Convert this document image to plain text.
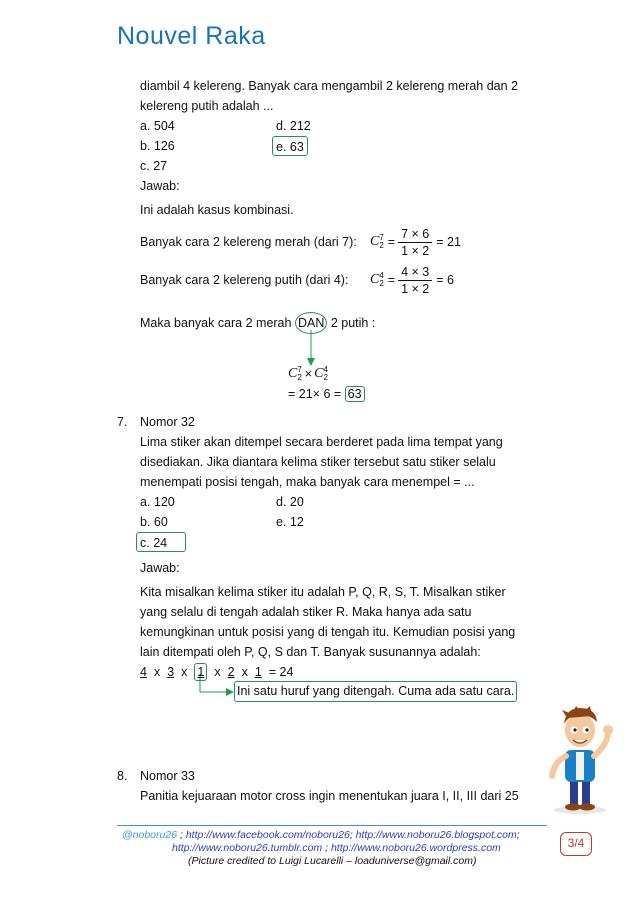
Nouvel Raka
diambil 4 kelereng. Banyak cara mengambil 2 kelereng merah dan 2
kelereng putih adalah ...
a. 504
b. 126
c. 27
d. 212
e. 63
Jawab:
Ini adalah kasus kombinasi.
Banyak cara 2 kelereng merah (dari 7): C 7
$2 = \frac{7 \times 6}{1 \times 2} = 21$
Banyak cara 2 kelereng putih (dari 4): C 4
$2 = \frac{4 \times 3}{1 \times 2} = 6$
Maka banyak cara 2 merah DAN 2 putih :
C 7
2 × C 4
2
= 21× 6 = 63
7. Nomor 32
Lima stiker akan ditempel secara berderet pada lima tempat yang
disediakan. Jika diantara kelima stiker tersebut satu stiker selalu
menempati posisi tengah, maka banyak cara menempel = ...
a. 120
b. 60
c. 24
d. 20
e. 12
Jawab:
Kita misalkan kelima stiker itu adalah P, Q, R, S, T. Misalkan stiker
yang selalu di tengah adalah stiker R. Maka hanya ada satu
kemungkinan untuk posisi yang di tengah itu. Kemudian posisi yang
lain ditempati oleh P, Q, S dan T. Banyak susunannya adalah:
4 x 3 x 1 x 2 x 1 = 24
Ini satu huruf yang ditengah. Cuma ada satu cara.
8. Nomor 33
Panitia kejuaraan motor cross ingin menentukan juara I, II, III dari 25
@noboru26 ; http://www.facebook.com/noboru26; http://www.noboru26.blogspot.com;
http://www.noboru26.tumblr.com ; http://www.noboru26.wordpress.com
(Picture credited to Luigi Lucarelli – loaduniverse@gmail.com)
3/4
